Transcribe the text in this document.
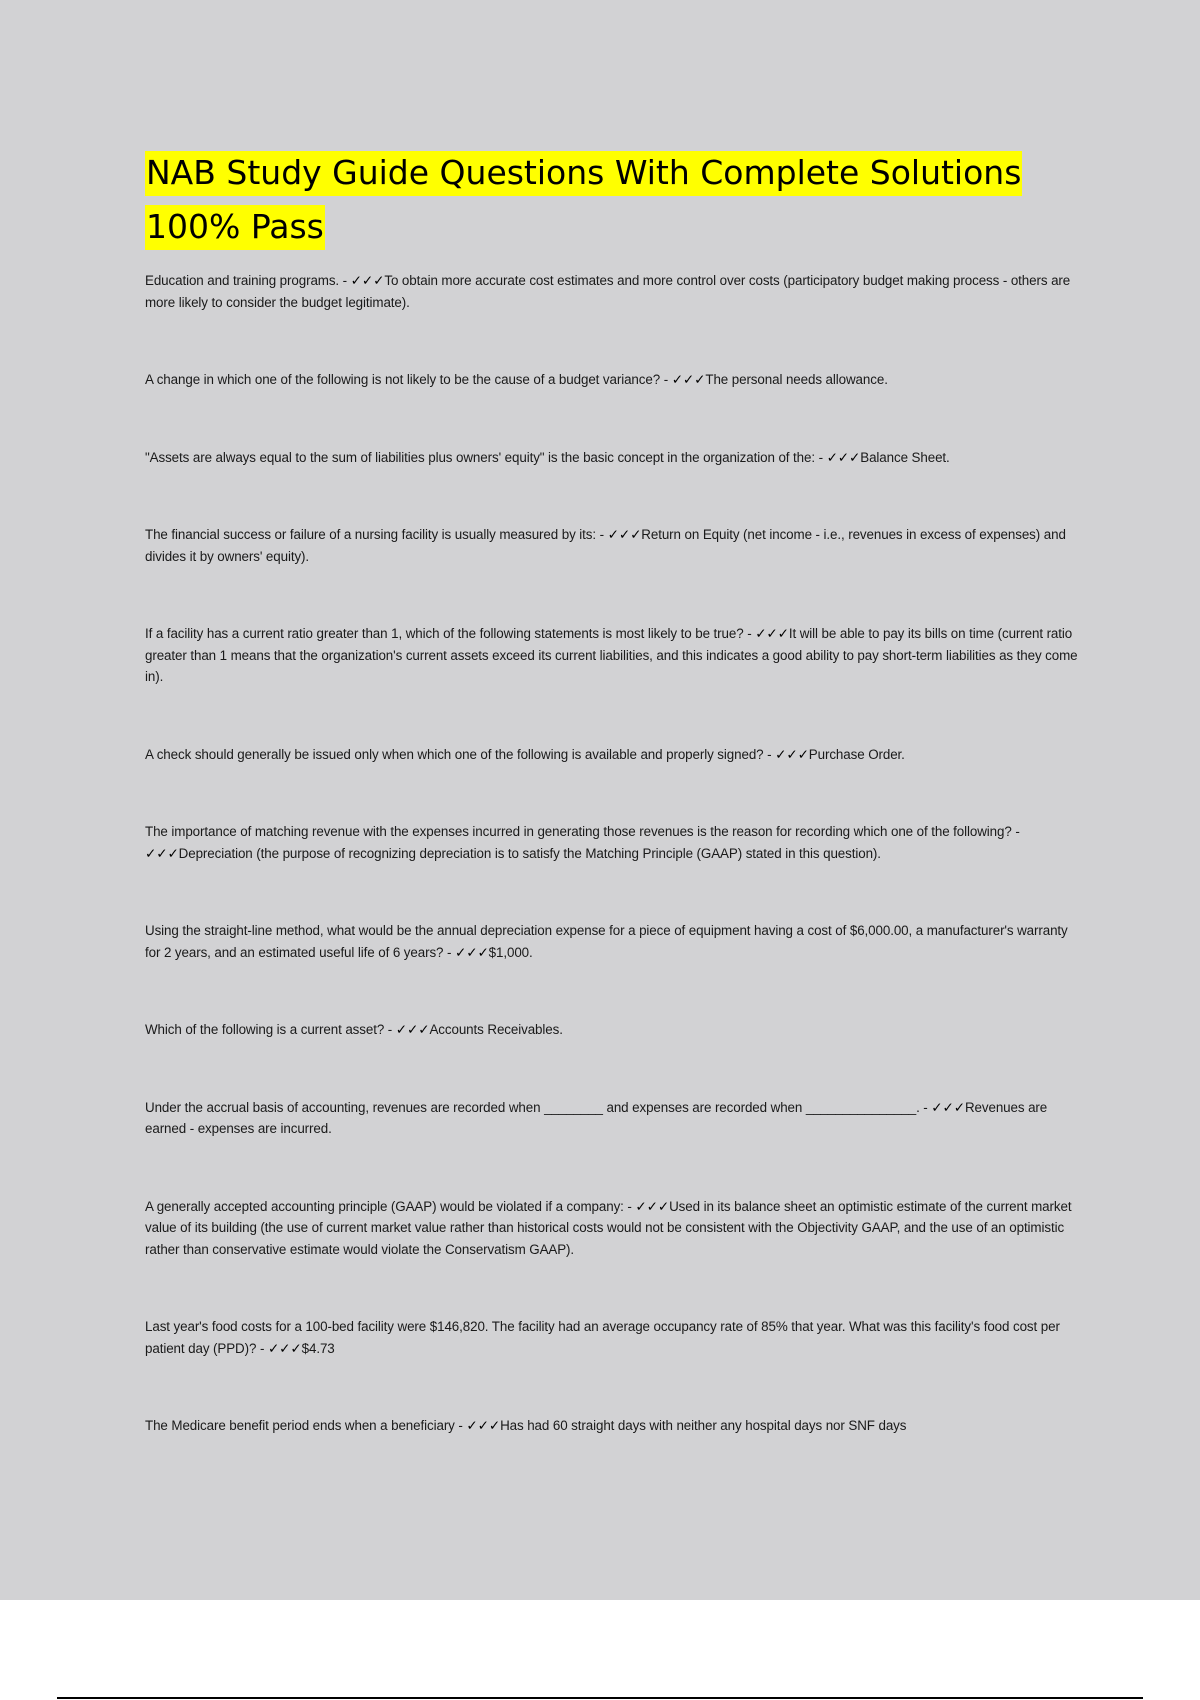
NAB Study Guide Questions With Complete Solutions 100% Pass

Education and training programs. - ✓✓✓To obtain more accurate cost estimates and more control over costs (participatory budget making process - others are more likely to consider the budget legitimate).

A change in which one of the following is not likely to be the cause of a budget variance? - ✓✓✓The personal needs allowance.

"Assets are always equal to the sum of liabilities plus owners' equity" is the basic concept in the organization of the: - ✓✓✓Balance Sheet.

The financial success or failure of a nursing facility is usually measured by its: - ✓✓✓Return on Equity (net income - i.e., revenues in excess of expenses) and divides it by owners' equity).

If a facility has a current ratio greater than 1, which of the following statements is most likely to be true? - ✓✓✓It will be able to pay its bills on time (current ratio greater than 1 means that the organization's current assets exceed its current liabilities, and this indicates a good ability to pay short-term liabilities as they come in).

A check should generally be issued only when which one of the following is available and properly signed? - ✓✓✓Purchase Order.

The importance of matching revenue with the expenses incurred in generating those revenues is the reason for recording which one of the following? - ✓✓✓Depreciation (the purpose of recognizing depreciation is to satisfy the Matching Principle (GAAP) stated in this question).

Using the straight-line method, what would be the annual depreciation expense for a piece of equipment having a cost of $6,000.00, a manufacturer's warranty for 2 years, and an estimated useful life of 6 years? - ✓✓✓$1,000.

Which of the following is a current asset? - ✓✓✓Accounts Receivables.

Under the accrual basis of accounting, revenues are recorded when ________ and expenses are recorded when _______________. - ✓✓✓Revenues are earned - expenses are incurred.

A generally accepted accounting principle (GAAP) would be violated if a company: - ✓✓✓Used in its balance sheet an optimistic estimate of the current market value of its building (the use of current market value rather than historical costs would not be consistent with the Objectivity GAAP, and the use of an optimistic rather than conservative estimate would violate the Conservatism GAAP).

Last year's food costs for a 100-bed facility were $146,820. The facility had an average occupancy rate of 85% that year. What was this facility's food cost per patient day (PPD)? - ✓✓✓$4.73

The Medicare benefit period ends when a beneficiary - ✓✓✓Has had 60 straight days with neither any hospital days nor SNF days
